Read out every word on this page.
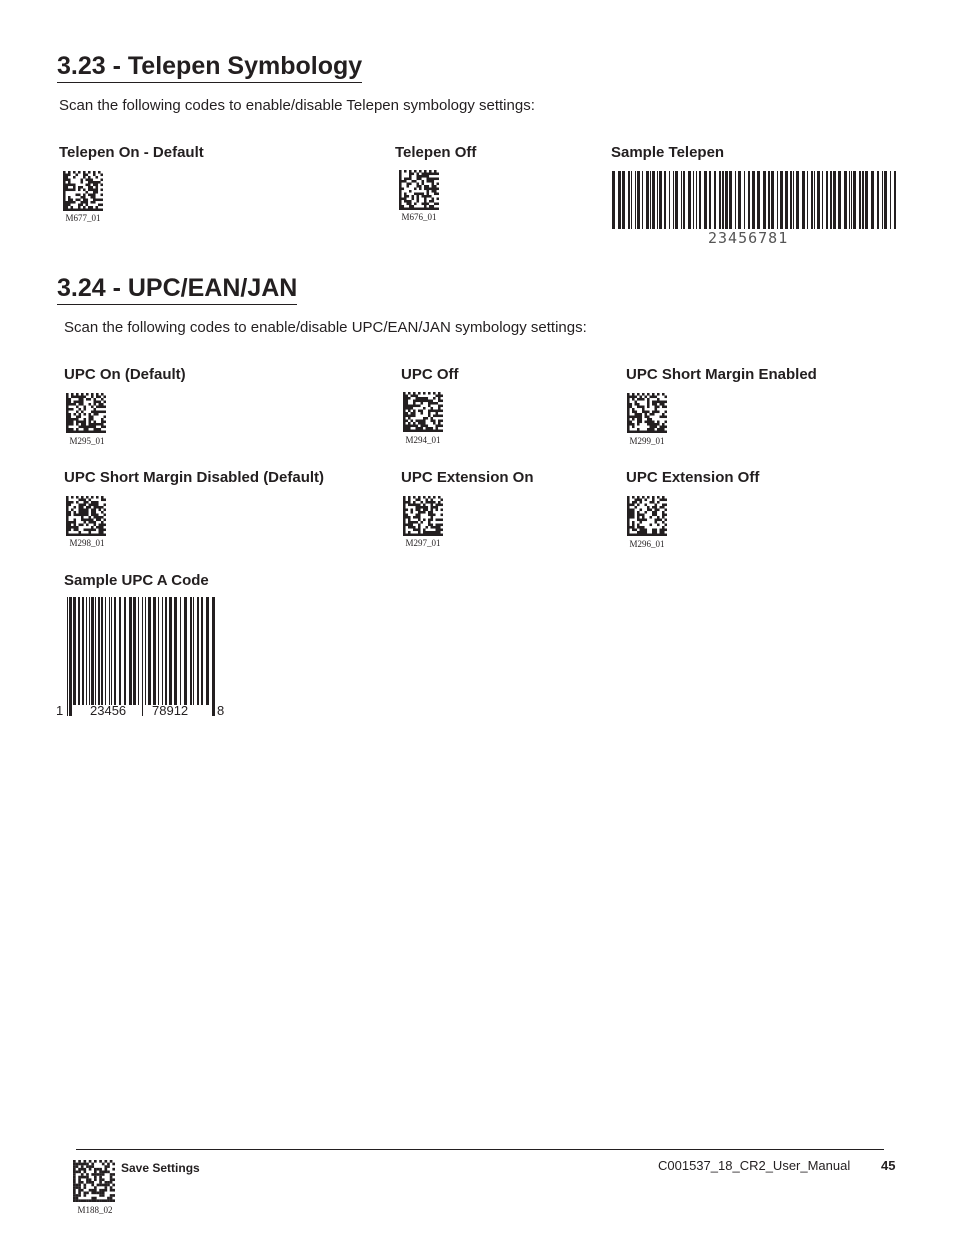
3.23 - Telepen Symbology
Scan the following codes to enable/disable Telepen symbology settings:
Telepen On - Default
M677_01
Telepen Off
M676_01
Sample Telepen
23456781
3.24 - UPC/EAN/JAN
Scan the following codes to enable/disable UPC/EAN/JAN symbology settings:
UPC On (Default)
M295_01
UPC Off
M294_01
UPC Short Margin Enabled
M299_01
UPC Short Margin Disabled (Default)
M298_01
UPC Extension On
M297_01
UPC Extension Off
M296_01
Sample UPC A Code
1 23456 78912 8
Save Settings
M188_02
C001537_18_CR2_User_Manual 45
